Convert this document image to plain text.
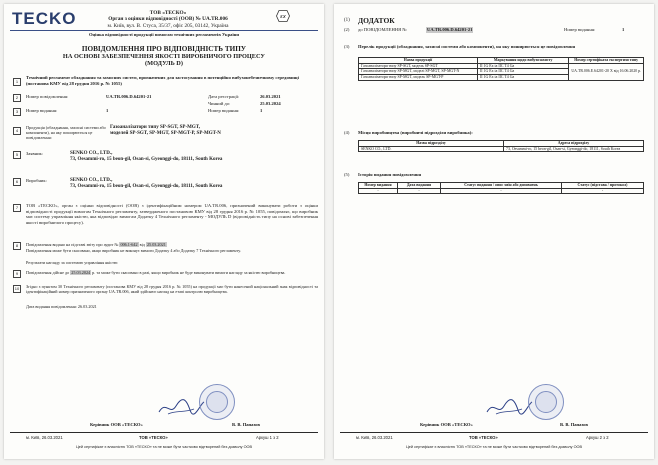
TECKO	ТОВ «ТЕСКО»
Орган з оцінки відповідності (ООВ) № UA.TR.006
м. Київ, вул. В. Стуса, 35/37, офіс 205, 03142, Україна
εx
Оцінка відповідності продукції вимогам технічних регламентів України
ПОВІДОМЛЕННЯ ПРО ВІДПОВІДНІСТЬ ТИПУ
НА ОСНОВІ ЗАБЕЗПЕЧЕННЯ ЯКОСТІ ВИРОБНИЧОГО ПРОЦЕСУ
(МОДУЛЬ D)
1
Технічний регламент обладнання та захисних систем, призначених для застосування в потенційно вибухонебезпечному середовищі (постанова КМУ від 28 грудня 2016 р. № 1055)
2	Номер повідомлення:	UA.TR.006.D.64201-21	Дата реєстрації:	26.03.2021
Чинний до:	25.03.2024
3	Номер видання:	1	Номер видання:	1
4
Продукція (обладнання, захисні системи або компоненти), на яку поширюється це повідомлення:
Газоаналізатори типу SP-SGT, SP-MGT,
моделей SP-SGT, SP-MGT, SP-MGT-P, SP-MGT-N
5	Заявник:	SENKO CO., LTD.,
73, Oesammi-ro, 15 beon-gil, Osan-si, Gyeonggi-do, 18111, South Korea
6	Виробник:	SENKO CO., LTD.,
73, Oesammi-ro, 15 beon-gil, Osan-si, Gyeonggi-do, 18111, South Korea
7	ТОВ «ТЕСКО», орган з оцінки відповідності (ООВ) з ідентифікаційним номером UA.TR.006, призначений виконувати роботи з оцінки відповідності продукції вимогам Технічного регламенту, затвердженого постановою КМУ від 28 грудня 2016 р. № 1055, повідомляє, що виробник має систему управління якістю, яка відповідає вимогам Додатку 4 Технічного регламенту - МОДУЛЬ D (відповідність типу на основі забезпечення якості виробничого процесу).
8	Повідомлення видано на підставі звіту про аудит № 006.1-642 від 25.03.2021
Повідомлення може бути скасовано, якщо виробник не виконує вимоги Додатку 4 або Додатку 7 Технічного регламенту.
Результати нагляду за системою управління якістю:
9	Повідомлення дійсне до 25.03.2024 р. та може бути скасовано в разі, якщо виробник не буде виконувати вимоги нагляду за якістю виробництва.
10	Згідно з пунктом 30 Технічного регламенту (постанова КМУ від 28 грудня 2016 р. № 1055) на продукції має бути нанесений національний знак відповідності та ідентифікаційний номер призначеного органу UA.TR.006, який здійснює нагляд на етапі контролю виробництва.
Дата видання повідомлення: 26.03.2021
Керівник ООВ «ТЕСКО»	В. В. Папазов
м. Київ, 26.03.2021	ТОВ «ТЕСКО»	Аркуш 1 з 2
Цей сертифікат є власністю ТОВ «ТЕСКО» та не може бути частково відтворений без дозволу ООВ
(1) ДОДАТОК
(2) до ПОВІДОМЛЕННЯ №	UA.TR.006.D.64201-21	Номер видання:	1
(3) Перелік продукції (обладнання, захисні системи або компоненти), на яку поширюється це повідомлення
Назва продукції	Маркування щодо вибухозахисту	Номер сертифіката експертизи типу
Газоаналізатори типу SP-SGT, модель SP-SGT	II 1G Ex ia IIC T4 Ga	UA.TR.006.E.64201-20 X від 16.06.2020 р.
Газоаналізатори типу SP-MGT, моделі SP-MGT, SP-MGT-N	II 1G Ex ia IIC T4 Ga	
Газоаналізатори типу SP-MGT, модель SP-MGT-P	II 1G Ex ia IIC T4 Ga	
(4) Місця виробництва (виробничі підрозділи виробника):
Назва підрозділу	Адреса підрозділу
SENKO CO., LTD.	73, Oesammi-ro, 15 beon-gil, Osan-si, Gyeonggi-do, 18111, South Korea
(5) Історія видання повідомлення
Номер видання	Дата видання	Статус видання / опис змін або доповнень	Статус (підстава / протокол)
-	-	-	-
Керівник ООВ «ТЕСКО»	В. В. Папазов
м. Київ, 26.03.2021	ТОВ «ТЕСКО»	Аркуш 2 з 2
Цей сертифікат є власністю ТОВ «ТЕСКО» та не може бути частково відтворений без дозволу ООВ
